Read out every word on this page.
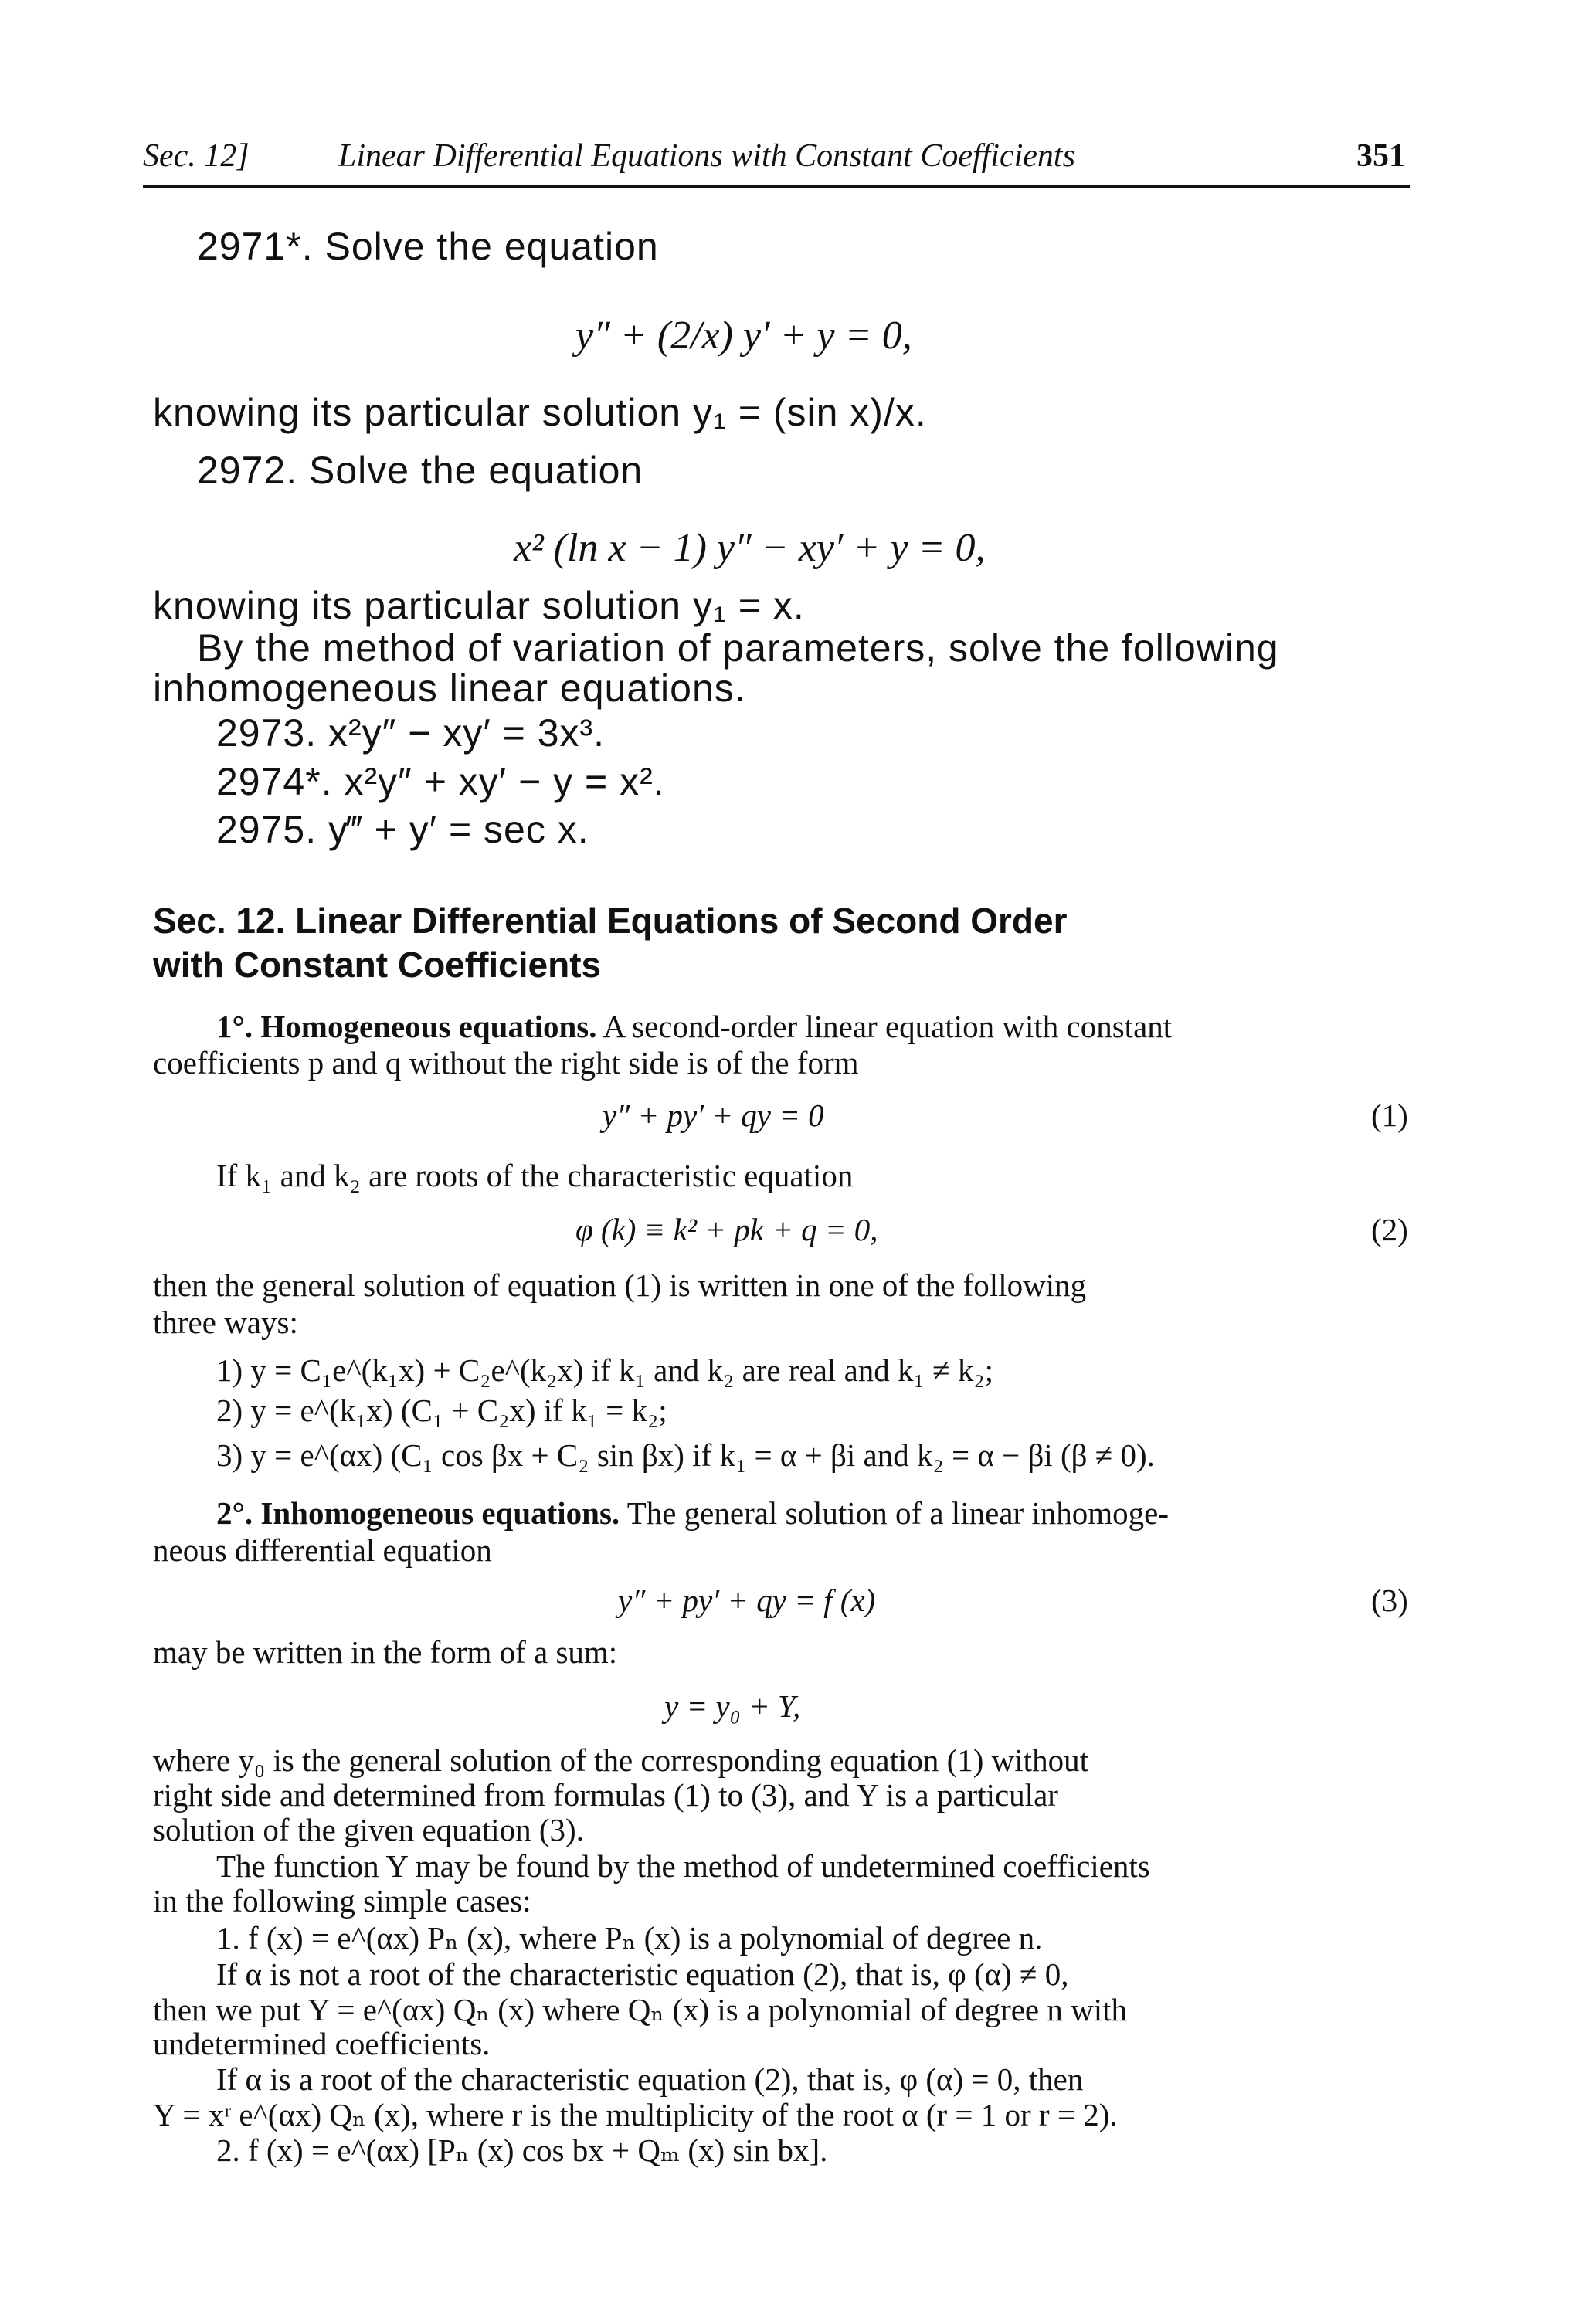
Sec. 12]	Linear Differential Equations with Constant Coefficients	351
2971*. Solve the equation
y″ + (2/x) y′ + y = 0,
knowing its particular solution y₁ = (sin x)/x.
2972. Solve the equation
x² (ln x − 1) y″ − xy′ + y = 0,
knowing its particular solution y₁ = x.
By the method of variation of parameters, solve the following
inhomogeneous linear equations.
2973. x²y″ − xy′ = 3x³.
2974*. x²y″ + xy′ − y = x².
2975. y‴ + y′ = sec x.
Sec. 12. Linear Differential Equations of Second Order
with Constant Coefficients
1°. Homogeneous equations. A second-order linear equation with constant
coefficients p and q without the right side is of the form
y″ + py′ + qy = 0	(1)
If k₁ and k₂ are roots of the characteristic equation
φ (k) ≡ k² + pk + q = 0,	(2)
then the general solution of equation (1) is written in one of the following
three ways:
1) y = C₁e^(k₁x) + C₂e^(k₂x) if k₁ and k₂ are real and k₁ ≠ k₂;
2) y = e^(k₁x) (C₁ + C₂x) if k₁ = k₂;
3) y = e^(αx) (C₁ cos βx + C₂ sin βx) if k₁ = α + βi and k₂ = α − βi (β ≠ 0).
2°. Inhomogeneous equations. The general solution of a linear inhomoge-
neous differential equation
y″ + py′ + qy = f (x)	(3)
may be written in the form of a sum:
y = y₀ + Y,
where y₀ is the general solution of the corresponding equation (1) without
right side and determined from formulas (1) to (3), and Y is a particular
solution of the given equation (3).
The function Y may be found by the method of undetermined coefficients
in the following simple cases:
1. f (x) = e^(αx) Pₙ (x), where Pₙ (x) is a polynomial of degree n.
If α is not a root of the characteristic equation (2), that is, φ (α) ≠ 0,
then we put Y = e^(αx) Qₙ (x) where Qₙ (x) is a polynomial of degree n with
undetermined coefficients.
If α is a root of the characteristic equation (2), that is, φ (α) = 0, then
Y = xʳ e^(αx) Qₙ (x), where r is the multiplicity of the root α (r = 1 or r = 2).
2. f (x) = e^(αx) [Pₙ (x) cos bx + Qₘ (x) sin bx].
